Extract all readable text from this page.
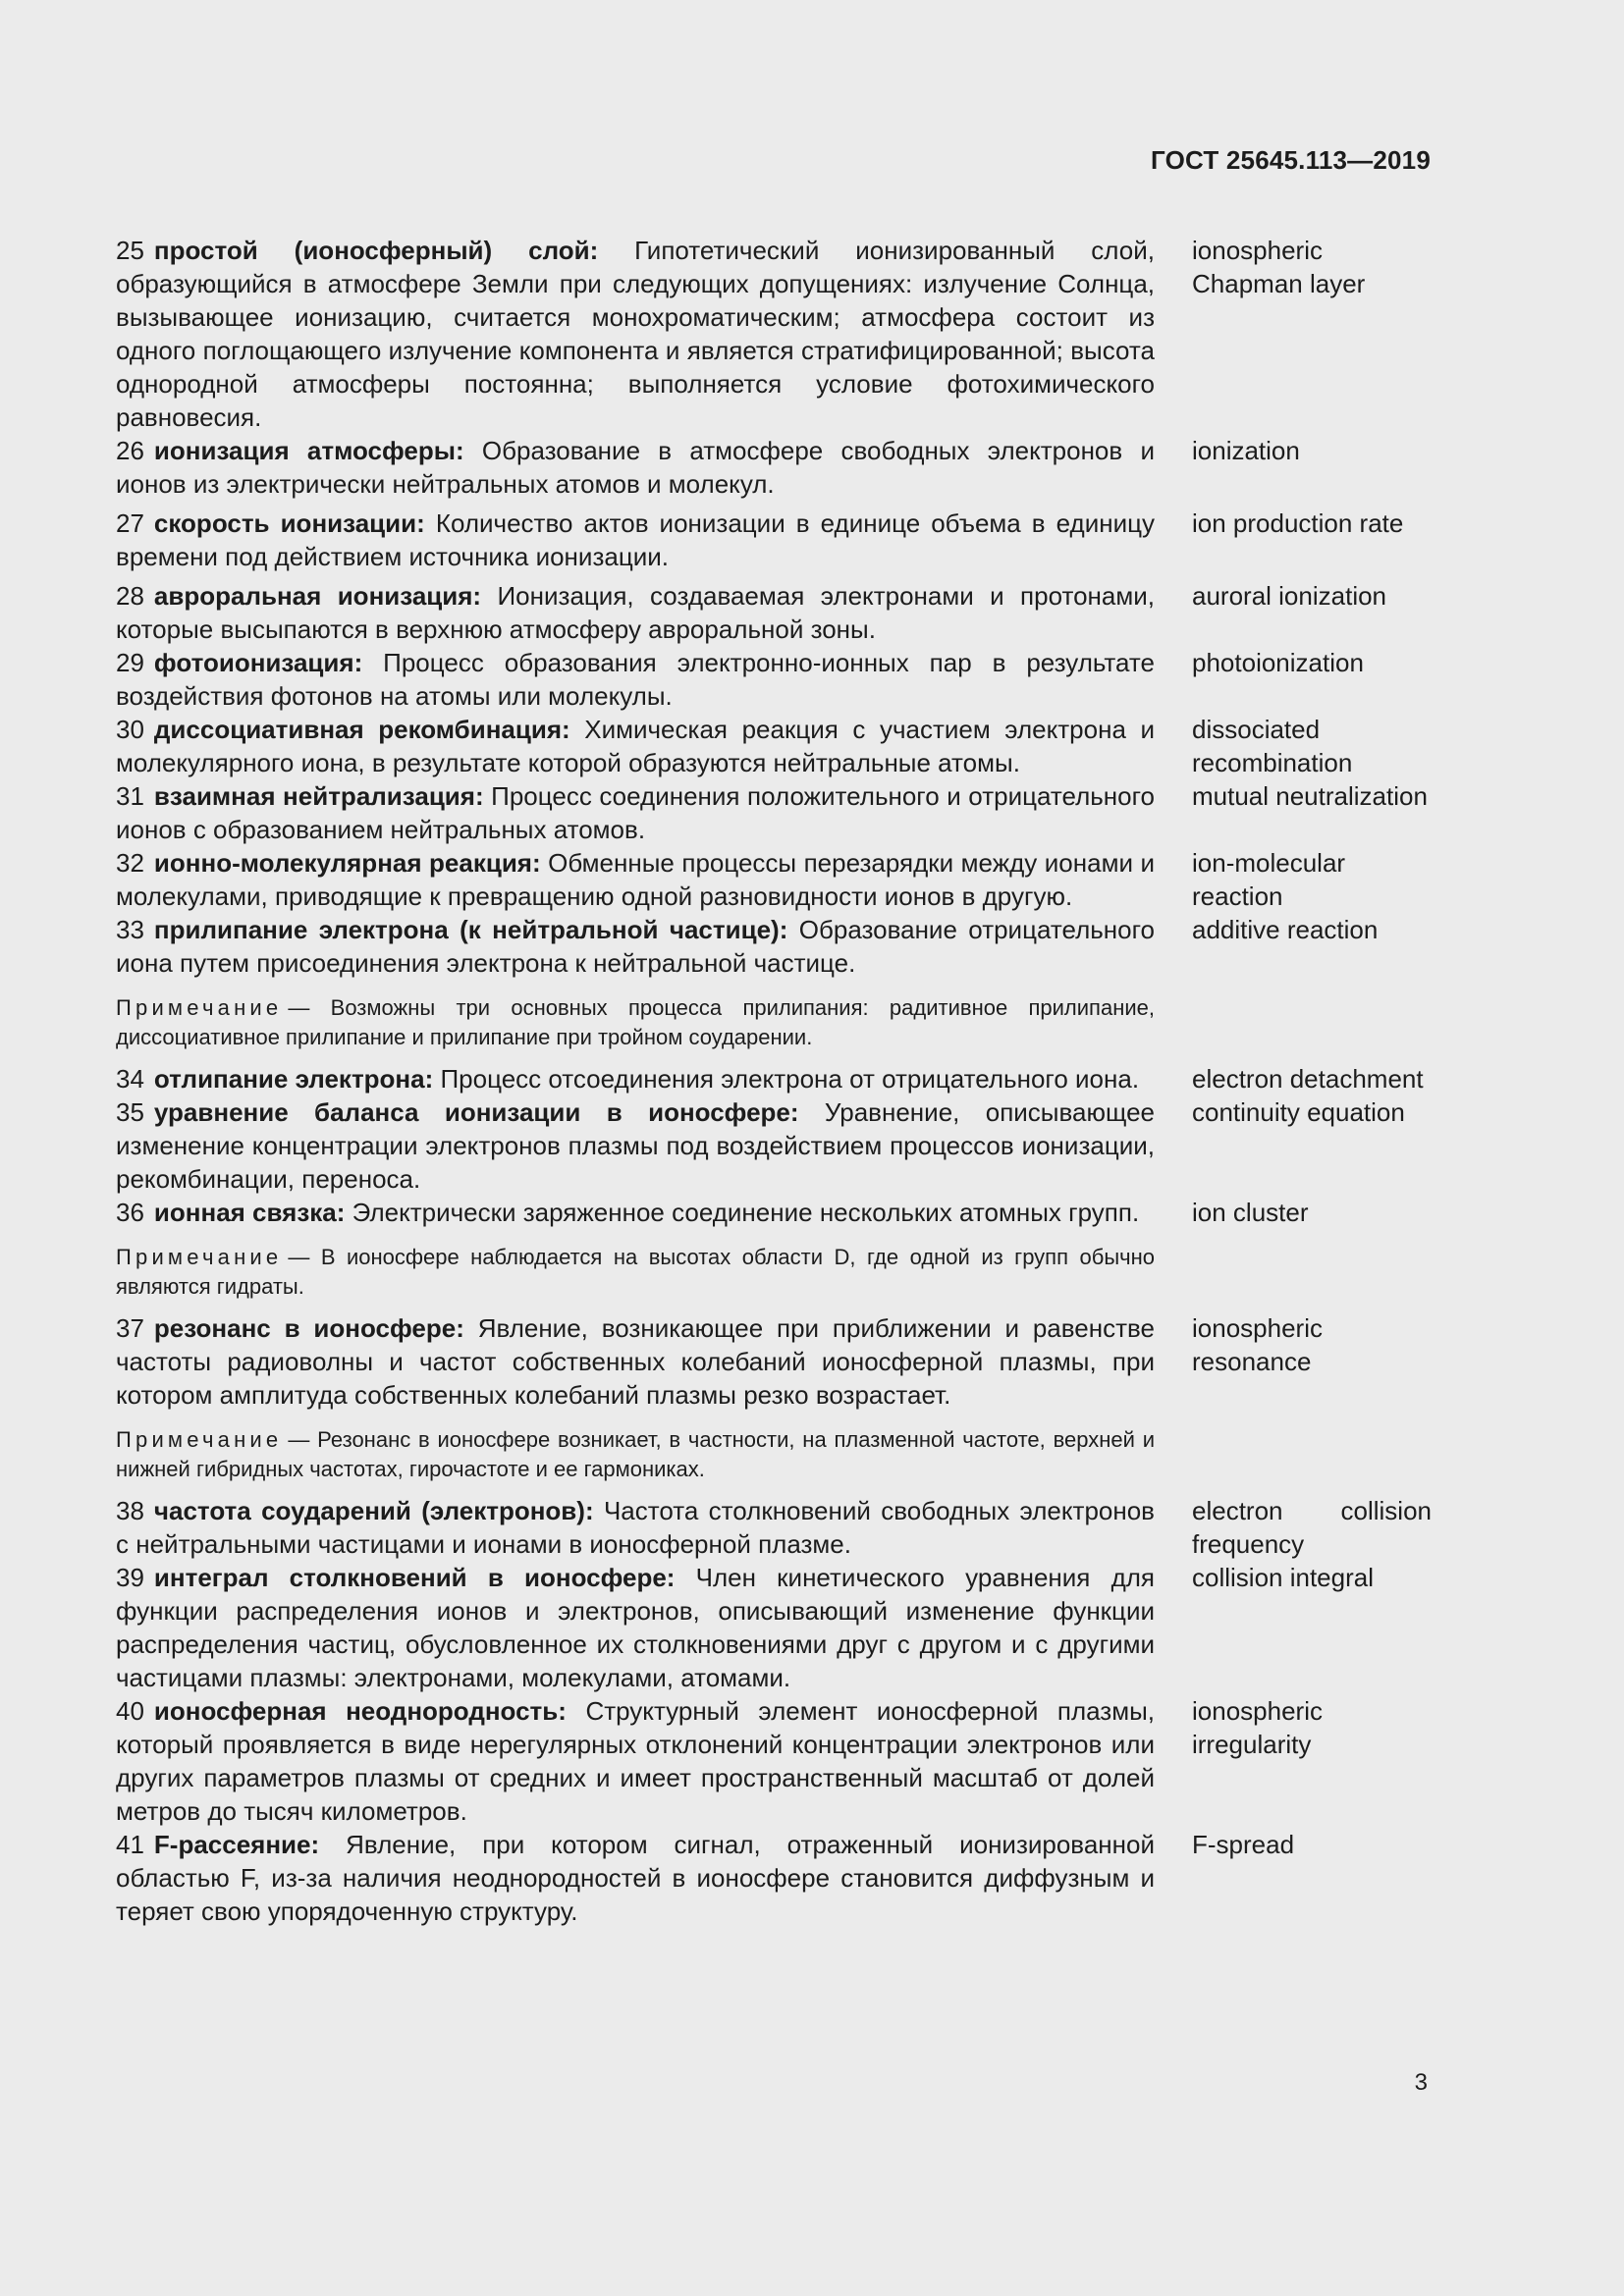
ГОСТ 25645.113—2019
25 простой (ионосферный) слой: Гипотетический ионизированный слой, образующийся в атмосфере Земли при следующих допущениях: излучение Солнца, вызывающее ионизацию, считается монохроматическим; атмосфера состоит из одного поглощающего излучение компонента и является стратифицированной; высота однородной атмосферы постоянна; выполняется условие фотохимического равновесия.
ionospheric Chapman layer
26 ионизация атмосферы: Образование в атмосфере свободных электронов и ионов из электрически нейтральных атомов и молекул.
ionization
27 скорость ионизации: Количество актов ионизации в единице объема в единицу времени под действием источника ионизации.
ion production rate
28 авроральная ионизация: Ионизация, создаваемая электронами и протонами, которые высыпаются в верхнюю атмосферу авроральной зоны.
auroral ionization
29 фотоионизация: Процесс образования электронно-ионных пар в результате воздействия фотонов на атомы или молекулы.
photoionization
30 диссоциативная рекомбинация: Химическая реакция с участием электрона и молекулярного иона, в результате которой образуются нейтральные атомы.
dissociated recombination
31 взаимная нейтрализация: Процесс соединения положительного и отрицательного ионов с образованием нейтральных атомов.
mutual neutralization
32 ионно-молекулярная реакция: Обменные процессы перезарядки между ионами и молекулами, приводящие к превращению одной разновидности ионов в другую.
ion-molecular reaction
33 прилипание электрона (к нейтральной частице): Образование отрицательного иона путем присоединения электрона к нейтральной частице.
additive reaction
Примечание — Возможны три основных процесса прилипания: радитивное прилипание, диссоциативное прилипание и прилипание при тройном соударении.
34 отлипание электрона: Процесс отсоединения электрона от отрицательного иона.	electron detachment
35 уравнение баланса ионизации в ионосфере: Уравнение, описывающее изменение концентрации электронов плазмы под воздействием процессов ионизации, рекомбинации, переноса.
continuity equation
36 ионная связка: Электрически заряженное соединение нескольких атомных групп.	ion cluster
Примечание — В ионосфере наблюдается на высотах области D, где одной из групп обычно являются гидраты.
37 резонанс в ионосфере: Явление, возникающее при приближении и равенстве частоты радиоволны и частот собственных колебаний ионосферной плазмы, при котором амплитуда собственных колебаний плазмы резко возрастает.
ionospheric resonance
Примечание — Резонанс в ионосфере возникает, в частности, на плазменной частоте, верхней и нижней гибридных частотах, гирочастоте и ее гармониках.
38 частота соударений (электронов): Частота столкновений свободных электронов с нейтральными частицами и ионами в ионосферной плазме.
electron collision frequency
39 интеграл столкновений в ионосфере: Член кинетического уравнения для функции распределения ионов и электронов, описывающий изменение функции распределения частиц, обусловленное их столкновениями друг с другом и с другими частицами плазмы: электронами, молекулами, атомами.
collision integral
40 ионосферная неоднородность: Структурный элемент ионосферной плазмы, который проявляется в виде нерегулярных отклонений концентрации электронов или других параметров плазмы от средних и имеет пространственный масштаб от долей метров до тысяч километров.
ionospheric irregularity
41 F-рассеяние: Явление, при котором сигнал, отраженный ионизированной областью F, из-за наличия неоднородностей в ионосфере становится диффузным и теряет свою упорядоченную структуру.
F-spread
3
